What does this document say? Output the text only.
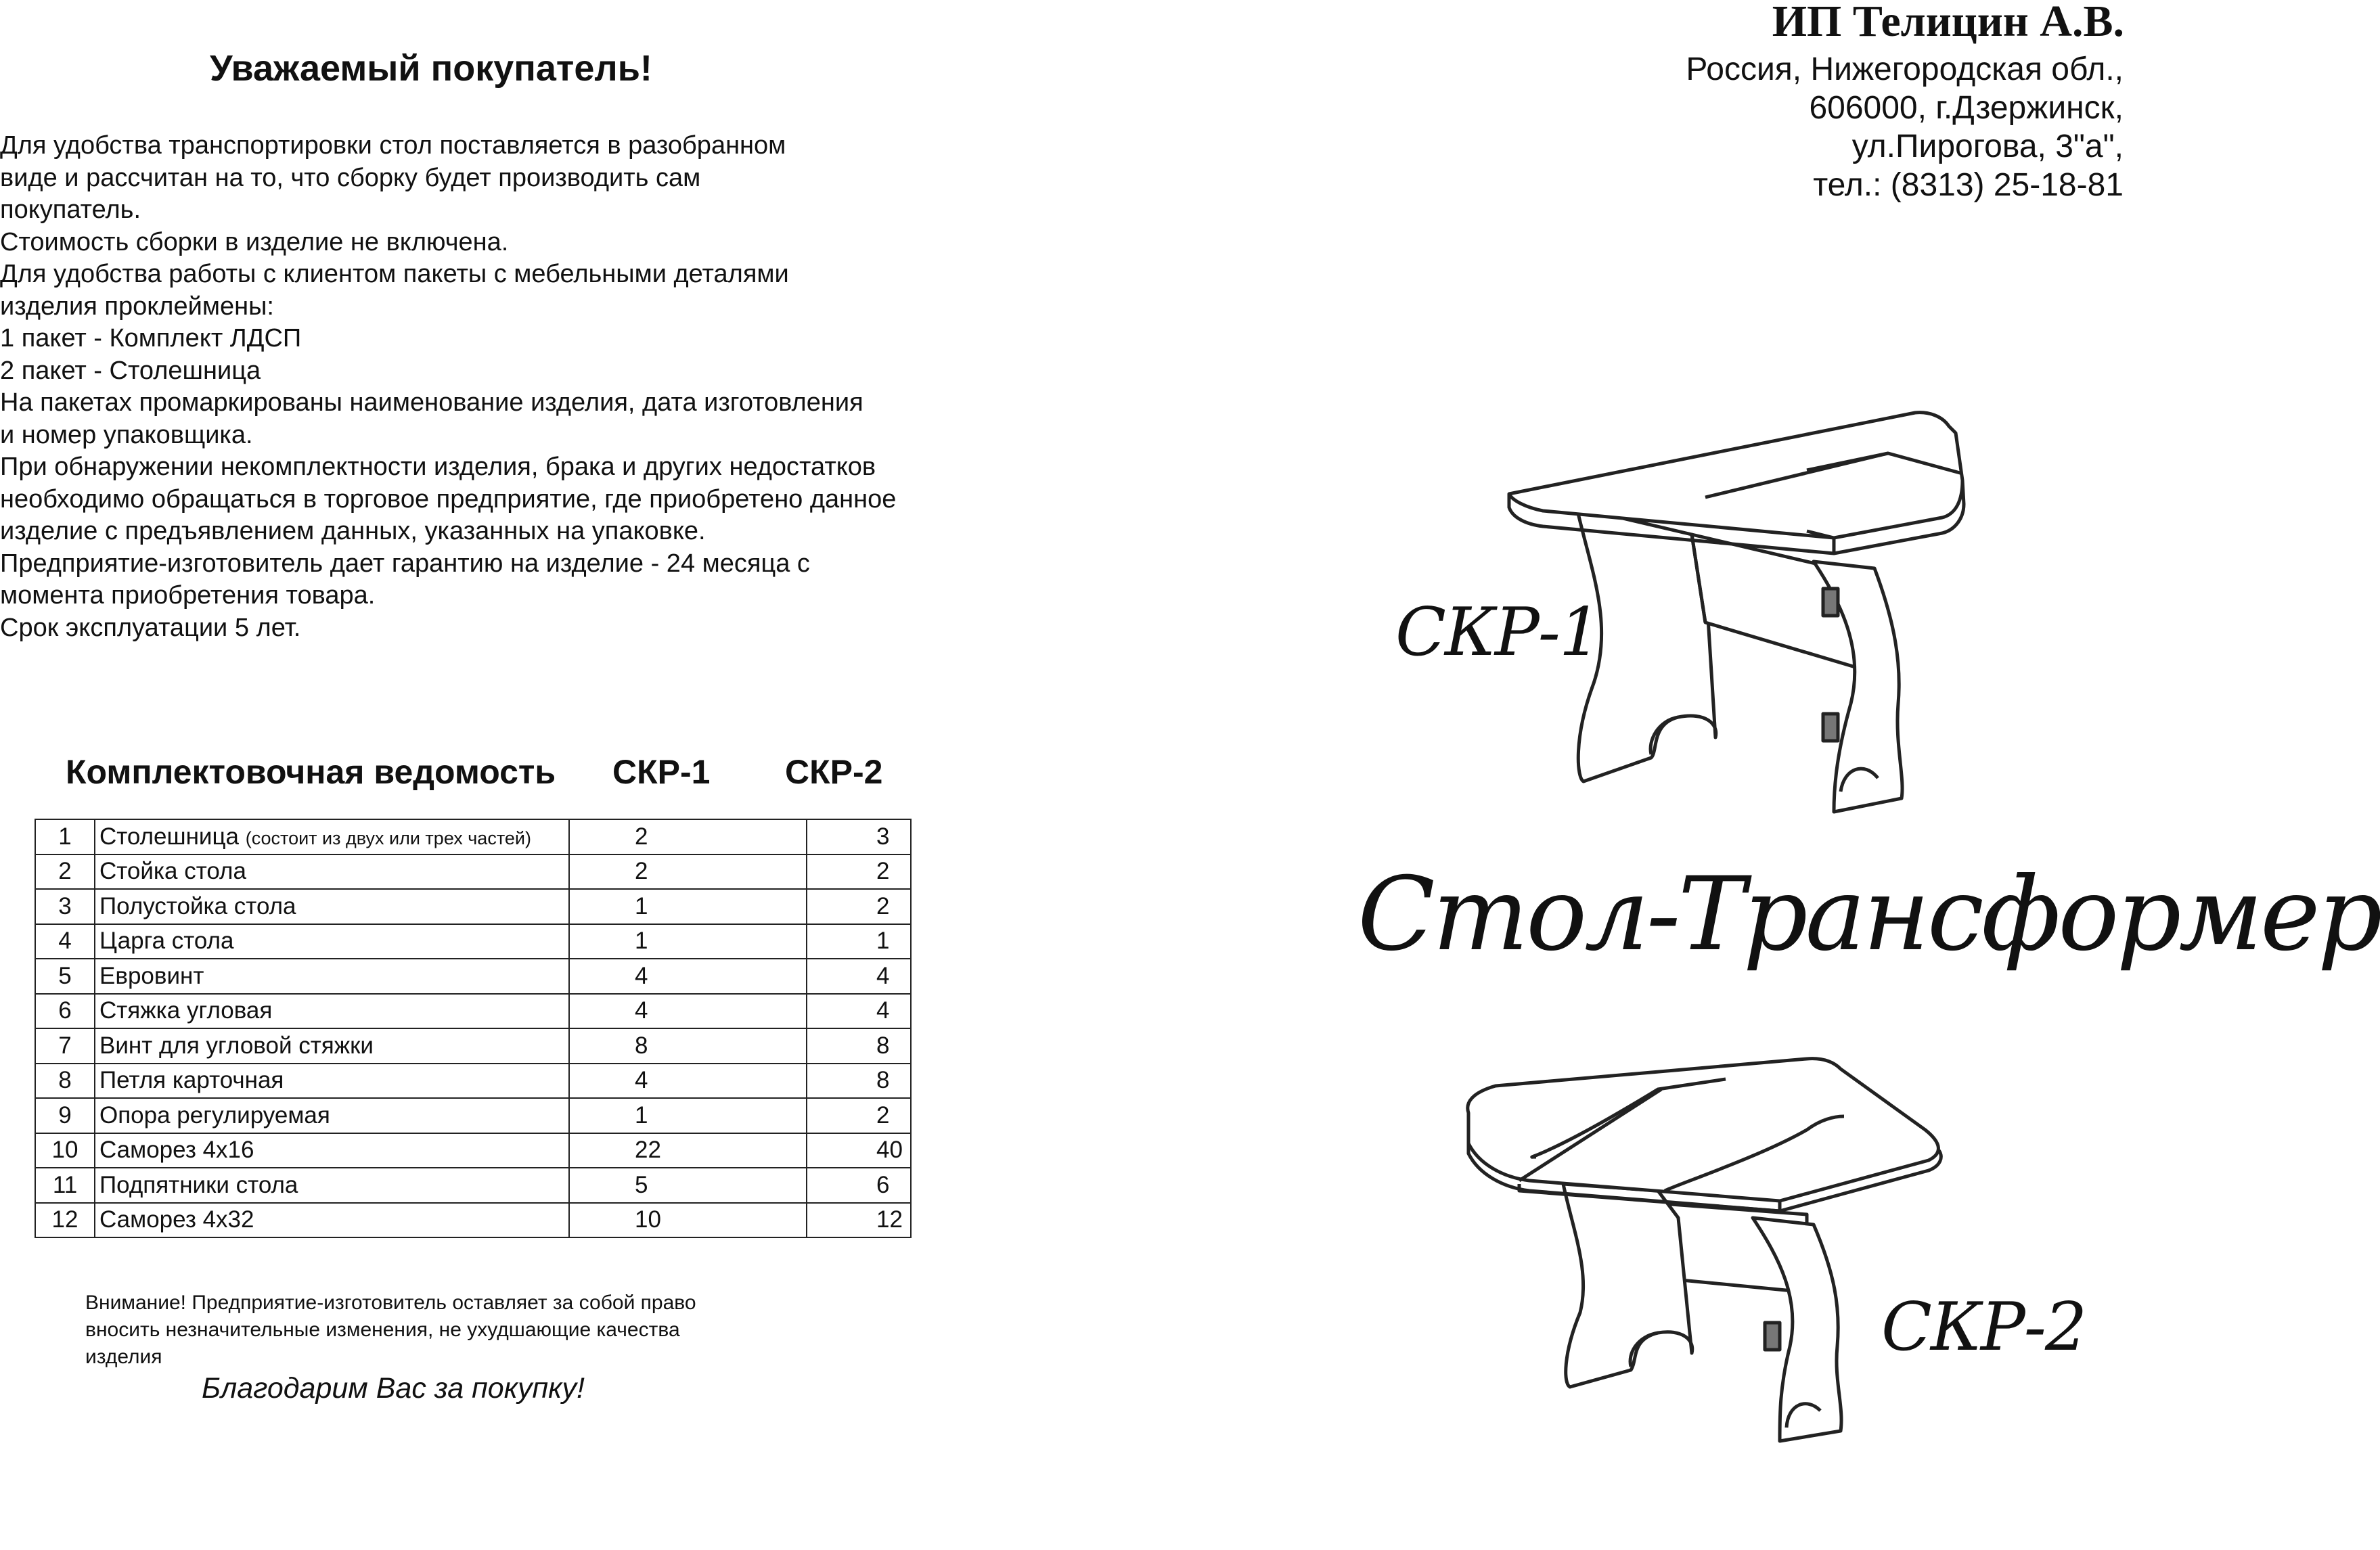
Уважаемый покупатель!
Для удобства транспортировки стол поставляется в разобранном
виде и рассчитан на то, что сборку будет производить сам
покупатель.
Стоимость сборки в изделие не включена.
Для удобства работы с клиентом пакеты с мебельными деталями
изделия проклеймены:
1 пакет - Комплект ЛДСП
2 пакет - Столешница
На пакетах промаркированы наименование изделия, дата изготовления
и номер упаковщика.
При обнаружении некомплектности изделия, брака и других недостатков
необходимо обращаться в торговое предприятие, где приобретено данное
изделие с предъявлением данных, указанных на упаковке.
Предприятие-изготовитель дает гарантию на изделие - 24 месяца с
момента приобретения товара.
Срок эксплуатации 5 лет.
Комплектовочная ведомость СКР-1 СКР-2
1	Столешница (состоит из двух или трех частей)	2	3
2	Стойка стола	2	2
3	Полустойка стола	1	2
4	Царга стола	1	1
5	Евровинт	4	4
6	Стяжка угловая	4	4
7	Винт для угловой стяжки	8	8
8	Петля карточная	4	8
9	Опора регулируемая	1	2
10	Саморез 4х16	22	40
11	Подпятники стола	5	6
12	Саморез 4х32	10	12
Внимание! Предприятие-изготовитель оставляет за собой право
вносить незначительные изменения, не ухудшающие качества
изделия
Благодарим Вас за покупку!
ИП Телицин А.В.
Россия, Нижегородская обл.,
606000, г.Дзержинск,
ул.Пирогова, 3"а",
тел.: (8313) 25-18-81
СКР-1
Стол-Трансформер
СКР-2
